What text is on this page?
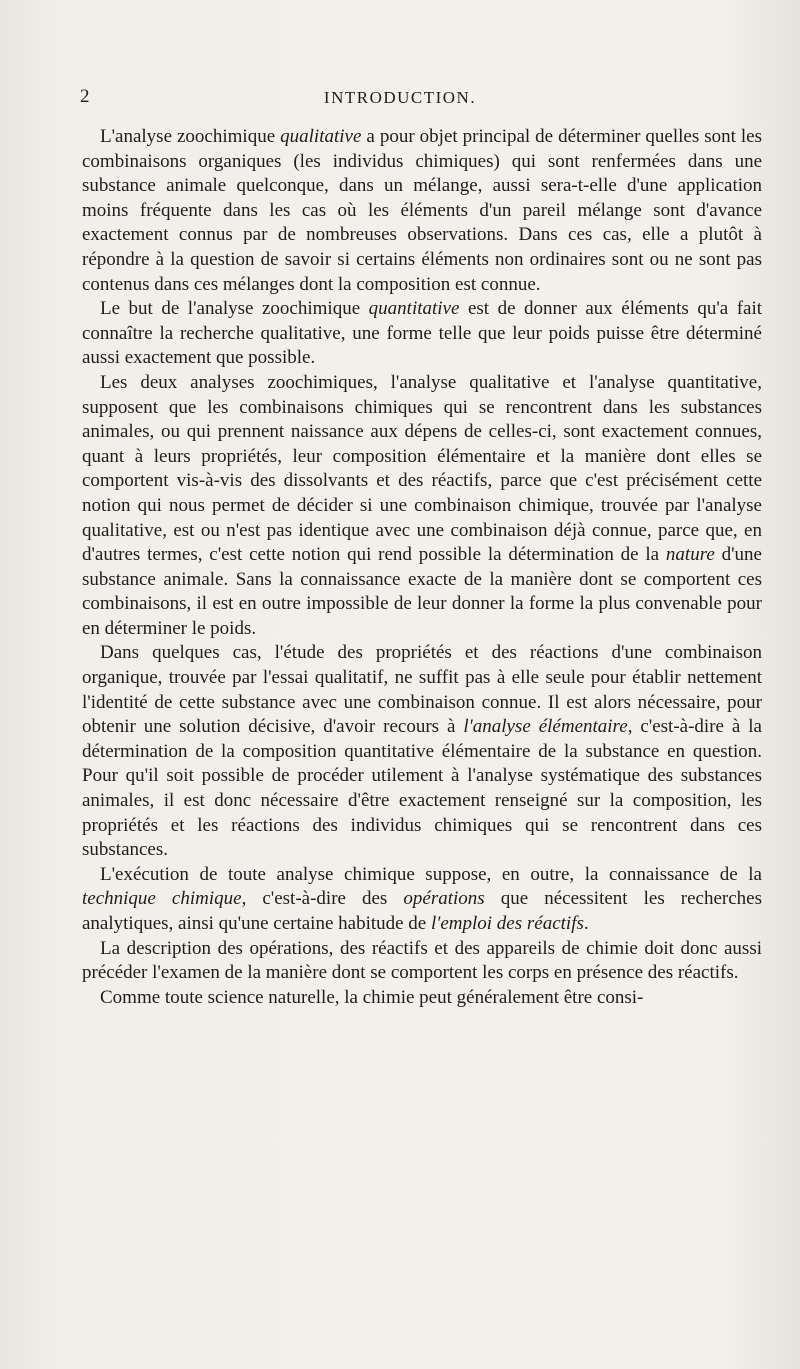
2	INTRODUCTION.

L'analyse zoochimique qualitative a pour objet principal de déterminer quelles sont les combinaisons organiques (les individus chimiques) qui sont renfermées dans une substance animale quelconque, dans un mélange, aussi sera-t-elle d'une application moins fréquente dans les cas où les éléments d'un pareil mélange sont d'avance exactement connus par de nombreuses observations. Dans ces cas, elle a plutôt à répondre à la question de savoir si certains éléments non ordinaires sont ou ne sont pas contenus dans ces mélanges dont la composition est connue.

Le but de l'analyse zoochimique quantitative est de donner aux éléments qu'a fait connaître la recherche qualitative, une forme telle que leur poids puisse être déterminé aussi exactement que possible.

Les deux analyses zoochimiques, l'analyse qualitative et l'analyse quantitative, supposent que les combinaisons chimiques qui se rencontrent dans les substances animales, ou qui prennent naissance aux dépens de celles-ci, sont exactement connues, quant à leurs propriétés, leur composition élémentaire et la manière dont elles se comportent vis-à-vis des dissolvants et des réactifs, parce que c'est précisément cette notion qui nous permet de décider si une combinaison chimique, trouvée par l'analyse qualitative, est ou n'est pas identique avec une combinaison déjà connue, parce que, en d'autres termes, c'est cette notion qui rend possible la détermination de la nature d'une substance animale. Sans la connaissance exacte de la manière dont se comportent ces combinaisons, il est en outre impossible de leur donner la forme la plus convenable pour en déterminer le poids.

Dans quelques cas, l'étude des propriétés et des réactions d'une combinaison organique, trouvée par l'essai qualitatif, ne suffit pas à elle seule pour établir nettement l'identité de cette substance avec une combinaison connue. Il est alors nécessaire, pour obtenir une solution décisive, d'avoir recours à l'analyse élémentaire, c'est-à-dire à la détermination de la composition quantitative élémentaire de la substance en question. Pour qu'il soit possible de procéder utilement à l'analyse systématique des substances animales, il est donc nécessaire d'être exactement renseigné sur la composition, les propriétés et les réactions des individus chimiques qui se rencontrent dans ces substances.

L'exécution de toute analyse chimique suppose, en outre, la connaissance de la technique chimique, c'est-à-dire des opérations que nécessitent les recherches analytiques, ainsi qu'une certaine habitude de l'emploi des réactifs.

La description des opérations, des réactifs et des appareils de chimie doit donc aussi précéder l'examen de la manière dont se comportent les corps en présence des réactifs.

Comme toute science naturelle, la chimie peut généralement être consi-
